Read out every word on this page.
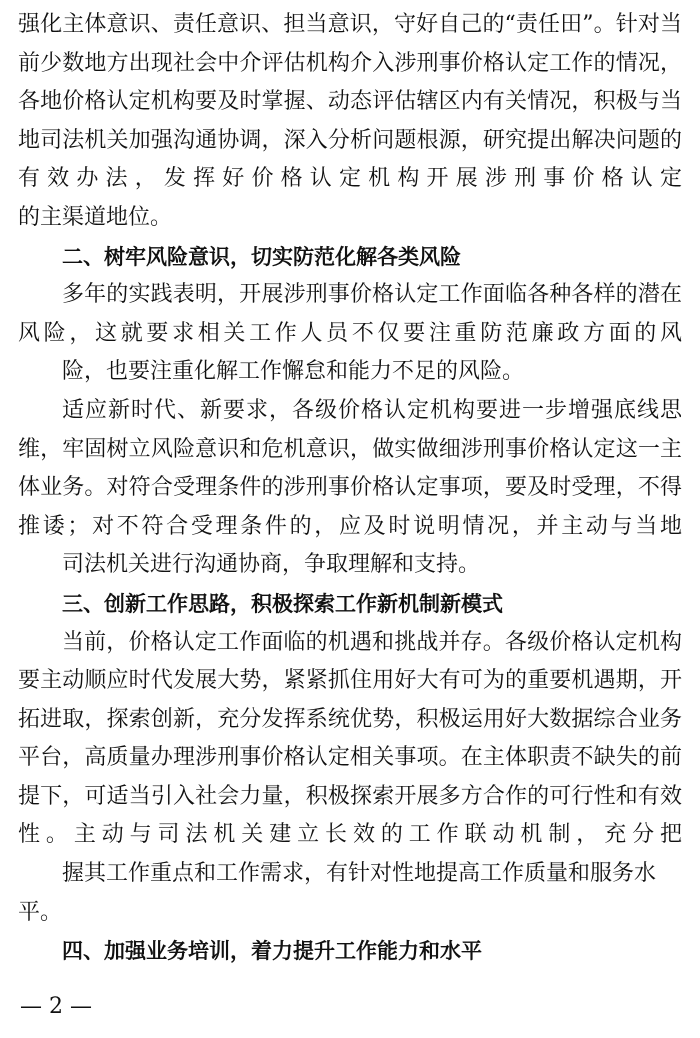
强化主体意识、责任意识、担当意识，守好自己的“责任田”。针对当前少数地方出现社会中介评估机构介入涉刑事价格认定工作的情况，各地价格认定机构要及时掌握、动态评估辖区内有关情况，积极与当地司法机关加强沟通协调，深入分析问题根源，研究提出解决问题的有效办法，发挥好价格认定机构开展涉刑事价格认定
的主渠道地位。

二、树牢风险意识，切实防范化解各类风险

多年的实践表明，开展涉刑事价格认定工作面临各种各样的潜在风险，这就要求相关工作人员不仅要注重防范廉政方面的风
险，也要注重化解工作懈怠和能力不足的风险。

适应新时代、新要求，各级价格认定机构要进一步增强底线思维，牢固树立风险意识和危机意识，做实做细涉刑事价格认定这一主体业务。对符合受理条件的涉刑事价格认定事项，要及时受理，不得推诿；对不符合受理条件的，应及时说明情况，并主动与当地
司法机关进行沟通协商，争取理解和支持。

三、创新工作思路，积极探索工作新机制新模式

当前，价格认定工作面临的机遇和挑战并存。各级价格认定机构要主动顺应时代发展大势，紧紧抓住用好大有可为的重要机遇期，开拓进取，探索创新，充分发挥系统优势，积极运用好大数据综合业务平台，高质量办理涉刑事价格认定相关事项。在主体职责不缺失的前提下，可适当引入社会力量，积极探索开展多方合作的可行性和有效性。主动与司法机关建立长效的工作联动机制，充分把
握其工作重点和工作需求，有针对性地提高工作质量和服务水平。

四、加强业务培训，着力提升工作能力和水平
— 2 —
